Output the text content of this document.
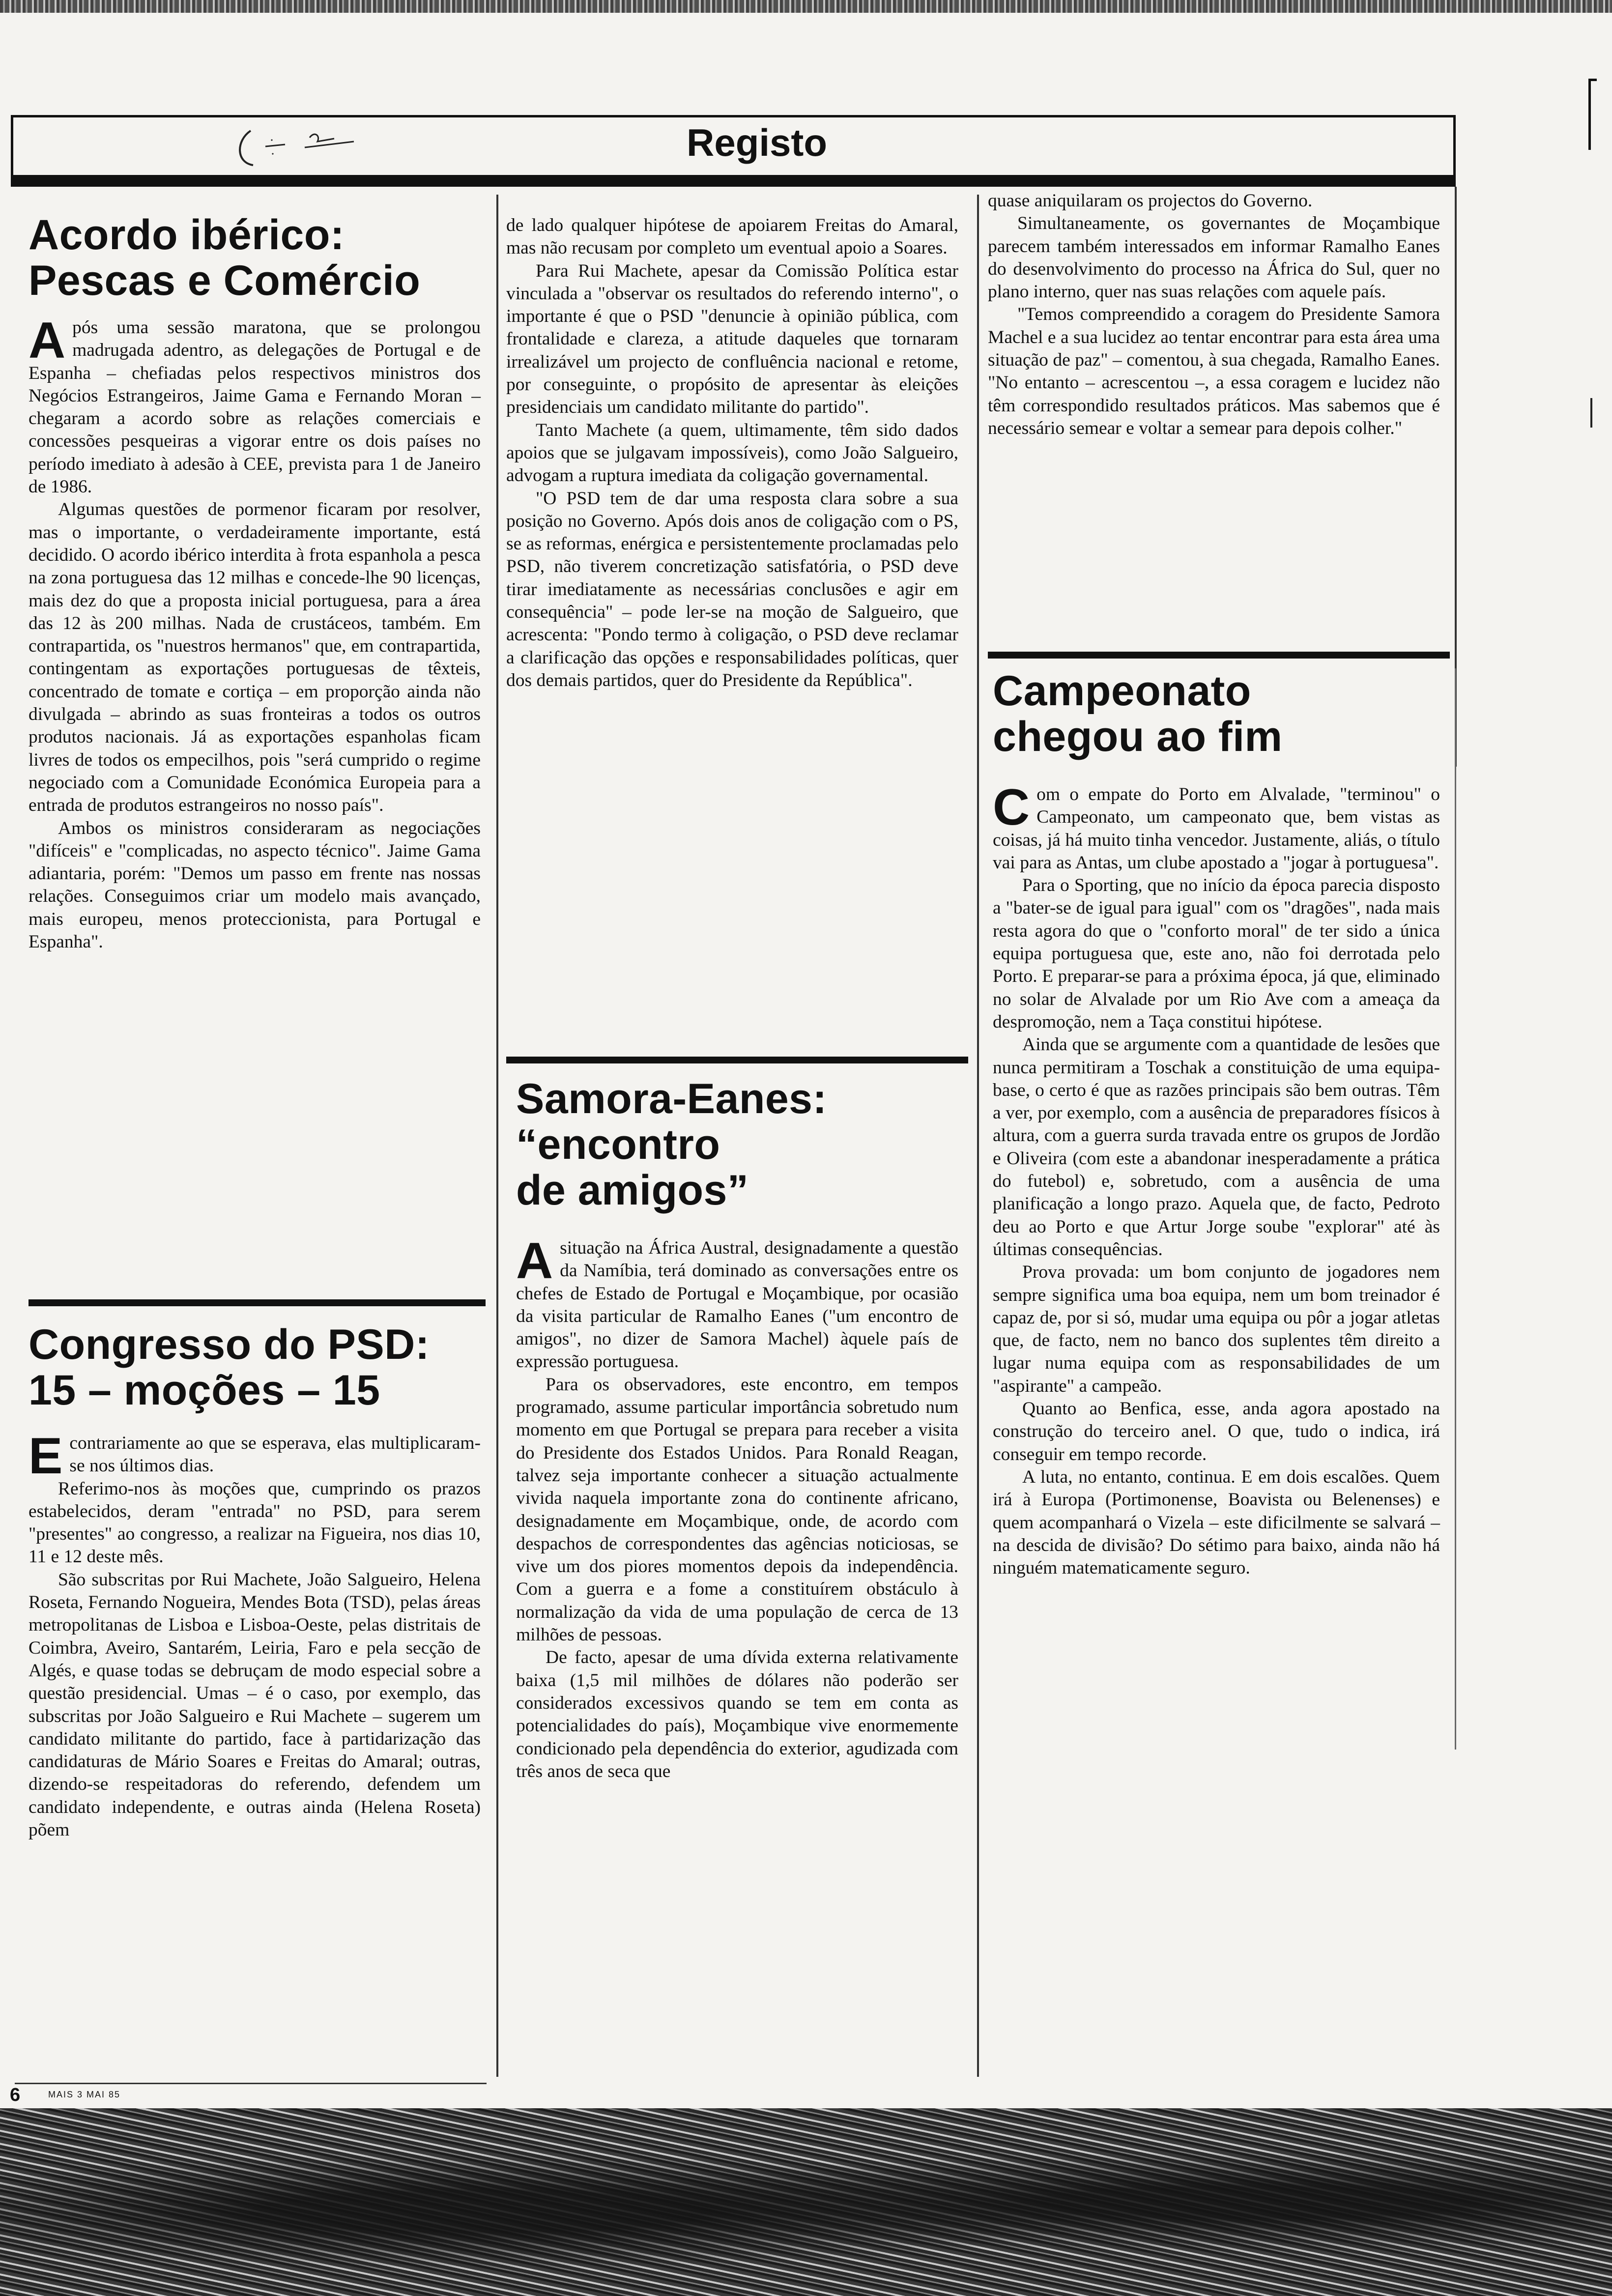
Registo
Acordo ibérico:
Pescas e Comércio

Após uma sessão maratona, que se prolongou madrugada adentro, as delegações de Portugal e de Espanha – chefiadas pelos respectivos ministros dos Negócios Estrangeiros, Jaime Gama e Fernando Moran – chegaram a acordo sobre as relações comerciais e concessões pesqueiras a vigorar entre os dois países no período imediato à adesão à CEE, prevista para 1 de Janeiro de 1986.

Algumas questões de pormenor ficaram por resolver, mas o importante, o verdadeiramente importante, está decidido. O acordo ibérico interdita à frota espanhola a pesca na zona portuguesa das 12 milhas e concede-lhe 90 licenças, mais dez do que a proposta inicial portuguesa, para a área das 12 às 200 milhas. Nada de crustáceos, também. Em contrapartida, os "nuestros hermanos" que, em contrapartida, contingentam as exportações portuguesas de têxteis, concentrado de tomate e cortiça – em proporção ainda não divulgada – abrindo as suas fronteiras a todos os outros produtos nacionais. Já as exportações espanholas ficam livres de todos os empecilhos, pois "será cumprido o regime negociado com a Comunidade Económica Europeia para a entrada de produtos estrangeiros no nosso país".

Ambos os ministros consideraram as negociações "difíceis" e "complicadas, no aspecto técnico". Jaime Gama adiantaria, porém: "Demos um passo em frente nas nossas relações. Conseguimos criar um modelo mais avançado, mais europeu, menos proteccionista, para Portugal e Espanha".

Congresso do PSD:
15 – moções – 15

Econtrariamente ao que se esperava, elas multiplicaram-se nos últimos dias.

Referimo-nos às moções que, cumprindo os prazos estabelecidos, deram "entrada" no PSD, para serem "presentes" ao congresso, a realizar na Figueira, nos dias 10, 11 e 12 deste mês.

São subscritas por Rui Machete, João Salgueiro, Helena Roseta, Fernando Nogueira, Mendes Bota (TSD), pelas áreas metropolitanas de Lisboa e Lisboa-Oeste, pelas distritais de Coimbra, Aveiro, Santarém, Leiria, Faro e pela secção de Algés, e quase todas se debruçam de modo especial sobre a questão presidencial. Umas – é o caso, por exemplo, das subscritas por João Salgueiro e Rui Machete – sugerem um candidato militante do partido, face à partidarização das candidaturas de Mário Soares e Freitas do Amaral; outras, dizendo-se respeitadoras do referendo, defendem um candidato independente, e outras ainda (Helena Roseta) põem

de lado qualquer hipótese de apoiarem Freitas do Amaral, mas não recusam por completo um eventual apoio a Soares.

Para Rui Machete, apesar da Comissão Política estar vinculada a "observar os resultados do referendo interno", o importante é que o PSD "denuncie à opinião pública, com frontalidade e clareza, a atitude daqueles que tornaram irrealizável um projecto de confluência nacional e retome, por conseguinte, o propósito de apresentar às eleições presidenciais um candidato militante do partido".

Tanto Machete (a quem, ultimamente, têm sido dados apoios que se julgavam impossíveis), como João Salgueiro, advogam a ruptura imediata da coligação governamental.

"O PSD tem de dar uma resposta clara sobre a sua posição no Governo. Após dois anos de coligação com o PS, se as reformas, enérgica e persistentemente proclamadas pelo PSD, não tiverem concretização satisfatória, o PSD deve tirar imediatamente as necessárias conclusões e agir em consequência" – pode ler-se na moção de Salgueiro, que acrescenta: "Pondo termo à coligação, o PSD deve reclamar a clarificação das opções e responsabilidades políticas, quer dos demais partidos, quer do Presidente da República".

Samora-Eanes:
“encontro
de amigos”

Asituação na África Austral, designadamente a questão da Namíbia, terá dominado as conversações entre os chefes de Estado de Portugal e Moçambique, por ocasião da visita particular de Ramalho Eanes ("um encontro de amigos", no dizer de Samora Machel) àquele país de expressão portuguesa.

Para os observadores, este encontro, em tempos programado, assume particular importância sobretudo num momento em que Portugal se prepara para receber a visita do Presidente dos Estados Unidos. Para Ronald Reagan, talvez seja importante conhecer a situação actualmente vivida naquela importante zona do continente africano, designadamente em Moçambique, onde, de acordo com despachos de correspondentes das agências noticiosas, se vive um dos piores momentos depois da independência. Com a guerra e a fome a constituírem obstáculo à normalização da vida de uma população de cerca de 13 milhões de pessoas.

De facto, apesar de uma dívida externa relativamente baixa (1,5 mil milhões de dólares não poderão ser considerados excessivos quando se tem em conta as potencialidades do país), Moçambique vive enormemente condicionado pela dependência do exterior, agudizada com três anos de seca que

quase aniquilaram os projectos do Governo.

Simultaneamente, os governantes de Moçambique parecem também interessados em informar Ramalho Eanes do desenvolvimento do processo na África do Sul, quer no plano interno, quer nas suas relações com aquele país.

"Temos compreendido a coragem do Presidente Samora Machel e a sua lucidez ao tentar encontrar para esta área uma situação de paz" – comentou, à sua chegada, Ramalho Eanes. "No entanto – acrescentou –, a essa coragem e lucidez não têm correspondido resultados práticos. Mas sabemos que é necessário semear e voltar a semear para depois colher."

Campeonato
chegou ao fim

Com o empate do Porto em Alvalade, "terminou" o Campeonato, um campeonato que, bem vistas as coisas, já há muito tinha vencedor. Justamente, aliás, o título vai para as Antas, um clube apostado a "jogar à portuguesa".

Para o Sporting, que no início da época parecia disposto a "bater-se de igual para igual" com os "dragões", nada mais resta agora do que o "conforto moral" de ter sido a única equipa portuguesa que, este ano, não foi derrotada pelo Porto. E preparar-se para a próxima época, já que, eliminado no solar de Alvalade por um Rio Ave com a ameaça da despromoção, nem a Taça constitui hipótese.

Ainda que se argumente com a quantidade de lesões que nunca permitiram a Toschak a constituição de uma equipa-base, o certo é que as razões principais são bem outras. Têm a ver, por exemplo, com a ausência de preparadores físicos à altura, com a guerra surda travada entre os grupos de Jordão e Oliveira (com este a abandonar inesperadamente a prática do futebol) e, sobretudo, com a ausência de uma planificação a longo prazo. Aquela que, de facto, Pedroto deu ao Porto e que Artur Jorge soube "explorar" até às últimas consequências.

Prova provada: um bom conjunto de jogadores nem sempre significa uma boa equipa, nem um bom treinador é capaz de, por si só, mudar uma equipa ou pôr a jogar atletas que, de facto, nem no banco dos suplentes têm direito a lugar numa equipa com as responsabilidades de um "aspirante" a campeão.

Quanto ao Benfica, esse, anda agora apostado na construção do terceiro anel. O que, tudo o indica, irá conseguir em tempo recorde.

A luta, no entanto, continua. E em dois escalões. Quem irá à Europa (Portimonense, Boavista ou Belenenses) e quem acompanhará o Vizela – este dificilmente se salvará – na descida de divisão? Do sétimo para baixo, ainda não há ninguém matematicamente seguro.

6	MAIS 3 MAI 85
